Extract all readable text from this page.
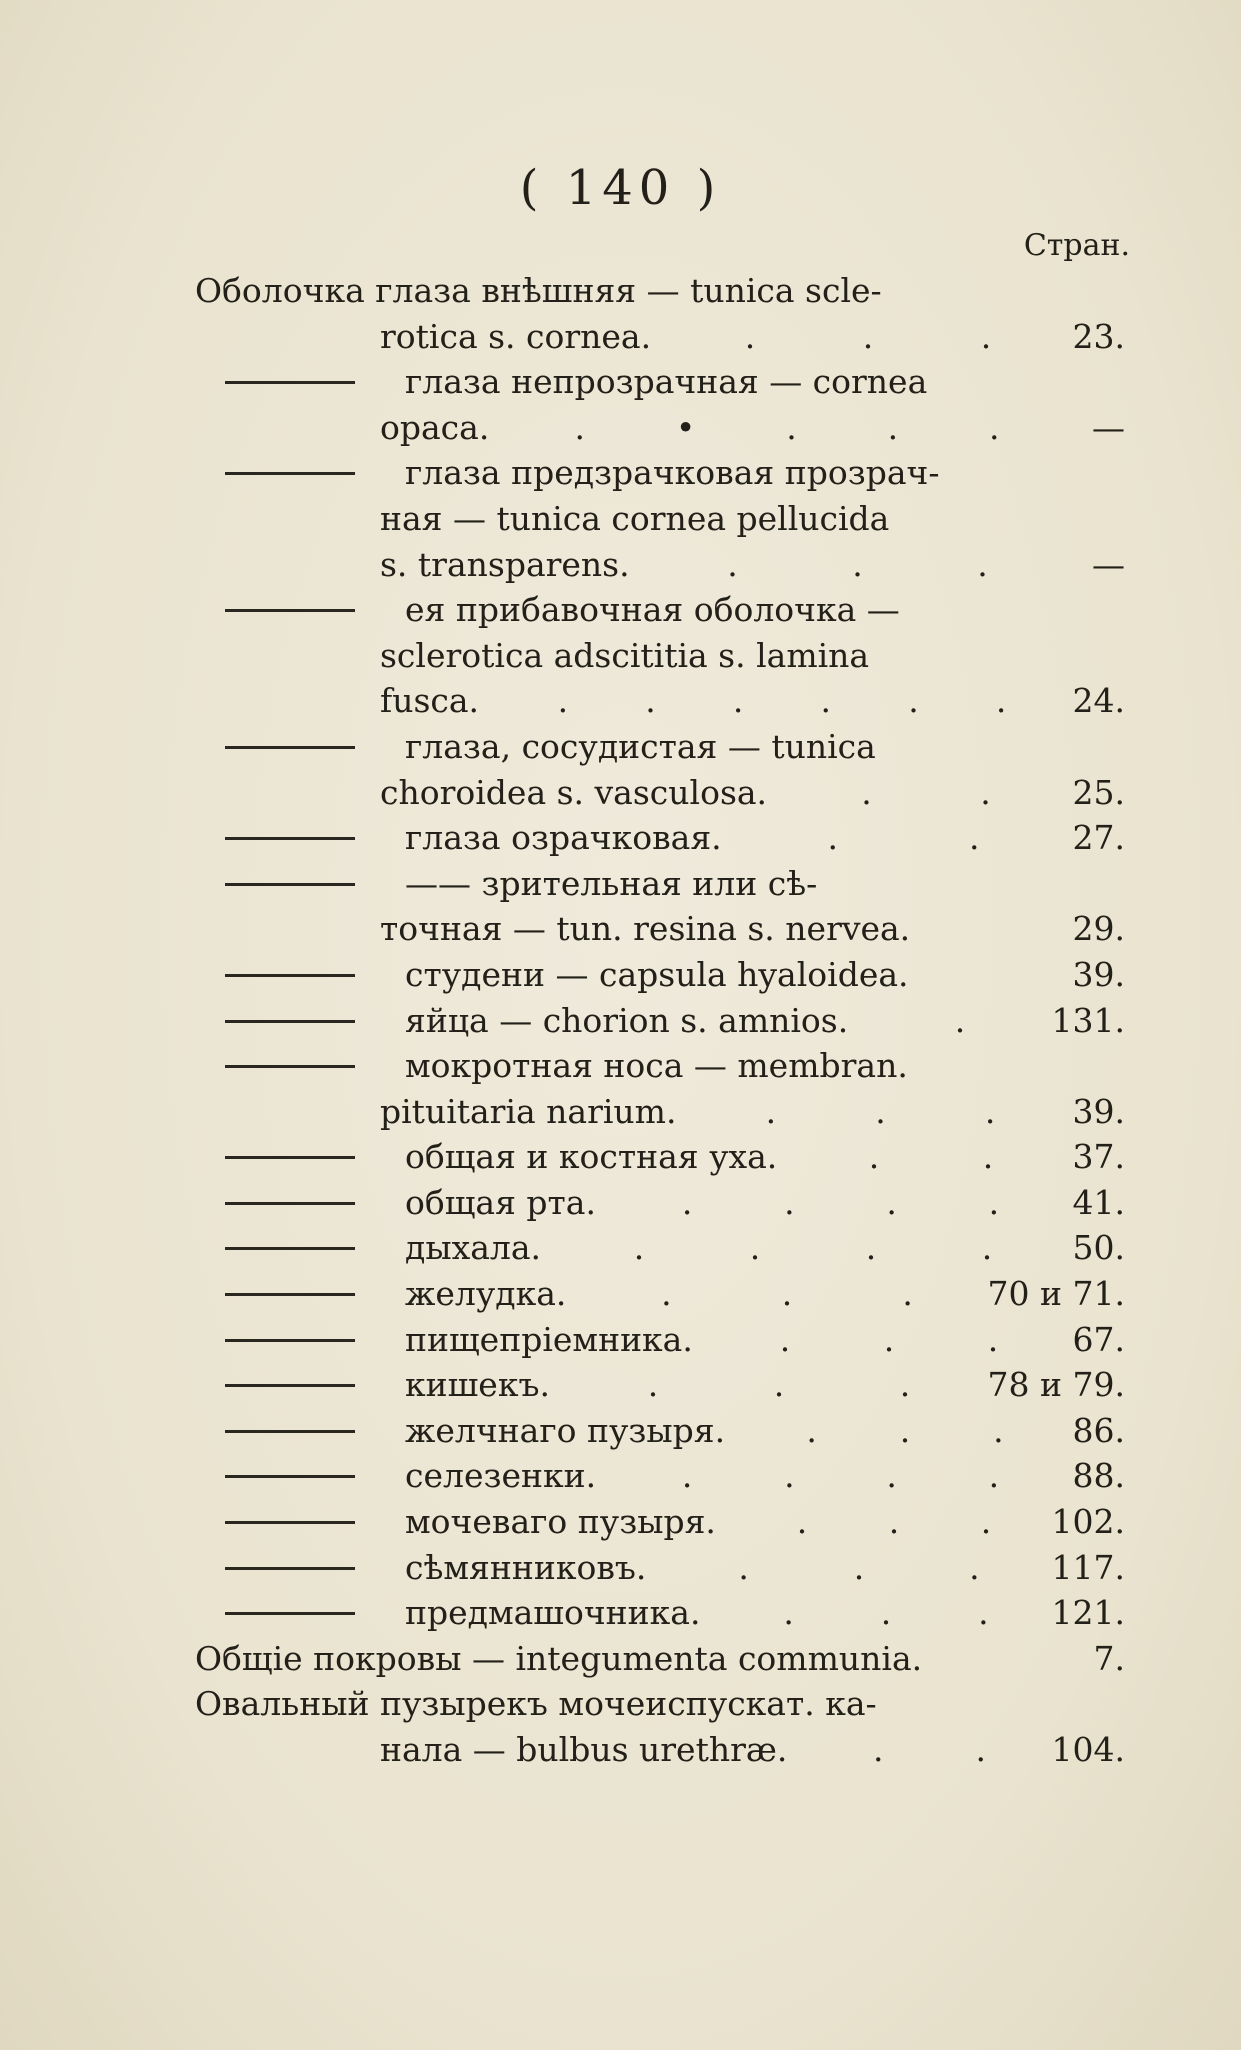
( 140 )
Стран.
Оболочка глаза внѣшняя — tunica scle-
rotica s. cornea.	.	.	. 23.
глаза непрозрачная — cornea
opaca.	.	•	.	.	.	—
глаза предзрачковая прозрач-
ная — tunica cornea pellucida
s. transparens.	.	.	.	—
ея прибавочная оболочка —
sclerotica adscititia s. lamina
fusca. . . . . . . 24.
глаза, сосудистая — tunica
choroidea s. vasculosa.	.	. 25.
глаза озрачковая.	.	.	27.
—— зрительная или сѣ-
точная — tun. resina s. nervea.	29.
студени — capsula hyaloidea.	39.
яйца — chorion s. amnios.	.	131.
мокротная носа — membran.
pituitaria narium.	.	.	. 39.
общая и костная уха.	.	. 37.
общая рта.	.	.	.	. 41.
дыхала.	.	.	.	. 50.
желудка.	.	.	. 70 и 71.
пищепріемника.	.	.	. 67.
кишекъ.	.	.	. 78 и 79.
желчнаго пузыря. .	.	. 86.
селезенки.	.	.	.	. 88.
мочеваго пузыря. . . . 102.
сѣмянниковъ.	.	.	. 117.
предмашочника.	.	.	. 121.
Общіе покровы — integumenta communia.	7.
Овальный пузырекъ мочеиспускат. ка-
нала — bulbus urethræ.	.	. 104.
